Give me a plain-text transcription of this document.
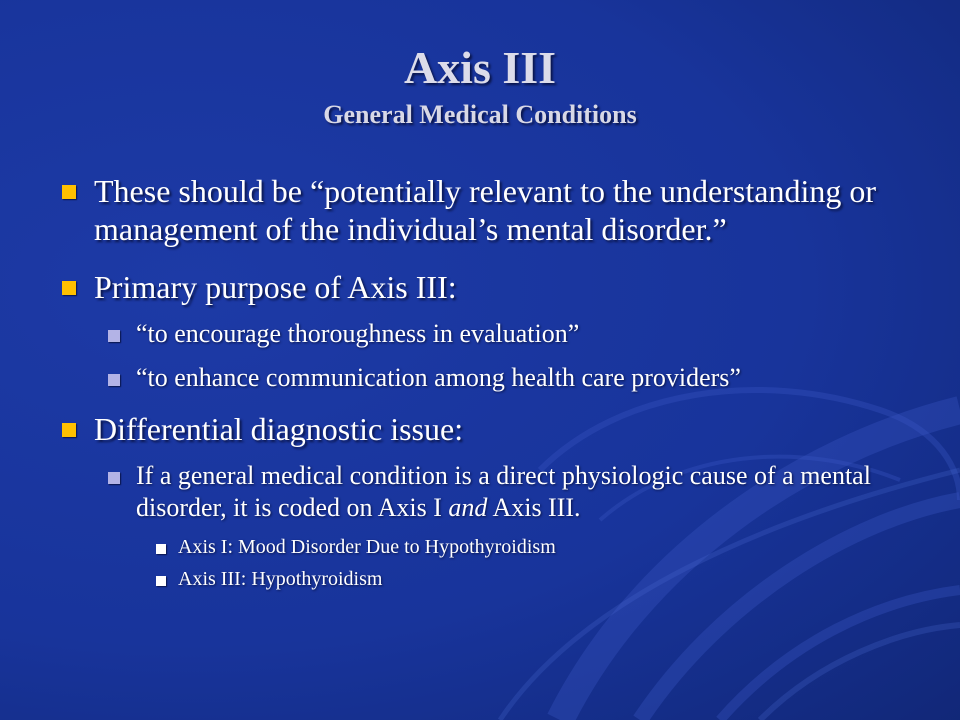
Axis III
General Medical Conditions
These should be “potentially relevant to the understanding or management of the individual’s mental disorder.”
Primary purpose of Axis III:
“to encourage thoroughness in evaluation”
“to enhance communication among health care providers”
Differential diagnostic issue:
If a general medical condition is a direct physiologic cause of a mental disorder, it is coded on Axis I and Axis III.
Axis I: Mood Disorder Due to Hypothyroidism
Axis III: Hypothyroidism
